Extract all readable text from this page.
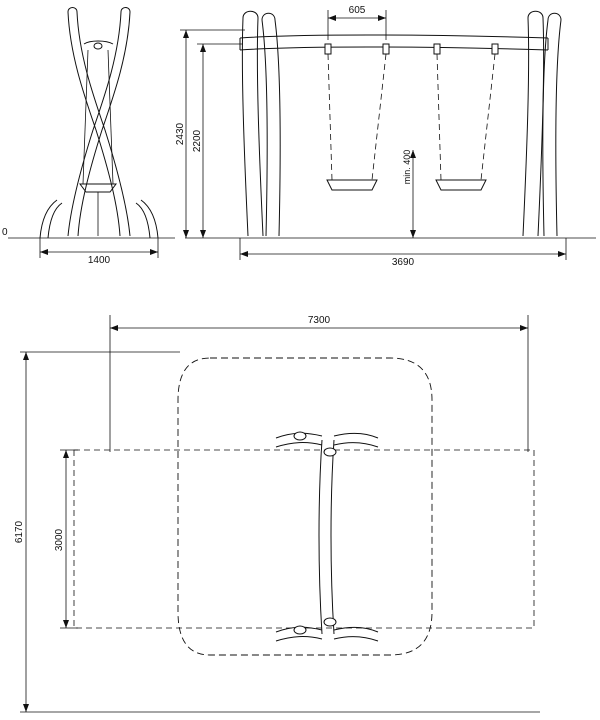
1400
0
605
2430 2200
min. 400
3690
7300
6170	3000
